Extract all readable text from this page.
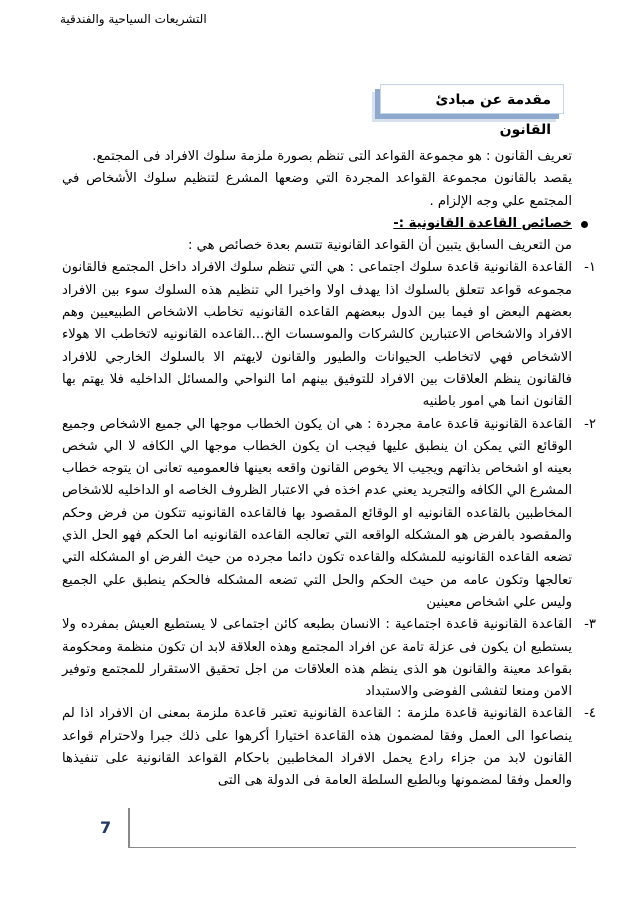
التشريعات السياحية والفندقية
مقدمة عن مبادئ القانون

تعريف القانون : هو مجموعة القواعد التى تنظم بصورة ملزمة سلوك الافراد فى المجتمع.

يقصد بالقانون مجموعة القواعد المجردة التي وضعها المشرع لتنظيم سلوك الأشخاص في المجتمع علي وجه الإلزام .

خصائص القاعدة القانونية :-

من التعريف السابق يتبين أن القواعد القانونية تتسم بعدة خصائص هي :

١-

القاعدة القانونية قاعدة سلوك اجتماعى : هي التي تنظم سلوك الافراد داخل المجتمع فالقانون مجموعه قواعد تتعلق بالسلوك اذا يهدف اولا واخيرا الي تنظيم هذه السلوك سوء بين الافراد بعضهم البعض او فيما بين الدول ببعضهم القاعده القانونيه تخاطب الاشخاص الطبيعيين وهم الافراد والاشخاص الاعتبارين كالشركات والموسسات الخ...القاعده القانونيه لاتخاطب الا هولاء الاشخاص فهي لاتخاطب الحيوانات والطيور والقانون لايهتم الا بالسلوك الخارجي للافراد فالقانون ينظم العلاقات بين الافراد للتوفيق بينهم اما النواحي والمسائل الداخليه فلا يهتم بها القانون انما هي امور باطنيه

٢-

القاعدة القانونية قاعدة عامة مجردة : هي ان يكون الخطاب موجها الي جميع الاشخاص وجميع الوقائع التي يمكن ان ينطبق عليها فيجب ان يكون الخطاب موجها الي الكافه لا الي شخص بعينه او اشخاص بذاتهم ويجيب الا يخوص القانون واقعه بعينها فالعموميه تعانى ان يتوجه خطاب المشرع الي الكافه والتجريد يعني عدم اخذه في الاعتبار الظروف الخاصه او الداخليه للاشخاص المخاطبين بالقاعده القانونيه او الوقائع المقصود بها فالقاعده القانونيه تتكون من فرض وحكم والمقصود بالفرض هو المشكله الواقعه التي تعالجه القاعده القانونيه اما الحكم فهو الحل الذي تضعه القاعده القانونيه للمشكله والقاعده تكون دائما مجرده من حيث الفرض او المشكله التي تعالجها وتكون عامه من حيث الحكم والحل التي تضعه المشكله فالحكم ينطبق علي الجميع وليس علي اشخاص معينين

٣-

القاعدة القانونية قاعدة اجتماعية : الانسان بطبعه كائن اجتماعى لا يستطيع العيش بمفرده ولا يستطيع ان يكون فى عزلة تامة عن افراد المجتمع وهذه العلاقة لابد ان تكون منظمة ومحكومة بقواعد معينة والقانون هو الذى ينظم هذه العلاقات من اجل تحقيق الاستقرار للمجتمع وتوفير الامن ومنعا لتفشى الفوضى والاستبداد

٤-

القاعدة القانونية قاعدة ملزمة : القاعدة القانونية تعتبر قاعدة ملزمة بمعنى ان الافراد اذا لم ينصاعوا الى العمل وفقا لمضمون هذه القاعدة اختيارا أكرهوا على ذلك جبرا ولاحترام قواعد القانون لابد من جزاء رادع يحمل الافراد المخاطبين باحكام القواعد القانونية على تنفيذها والعمل وفقا لمضمونها وبالطبع السلطة العامة فى الدولة هى التى

7
